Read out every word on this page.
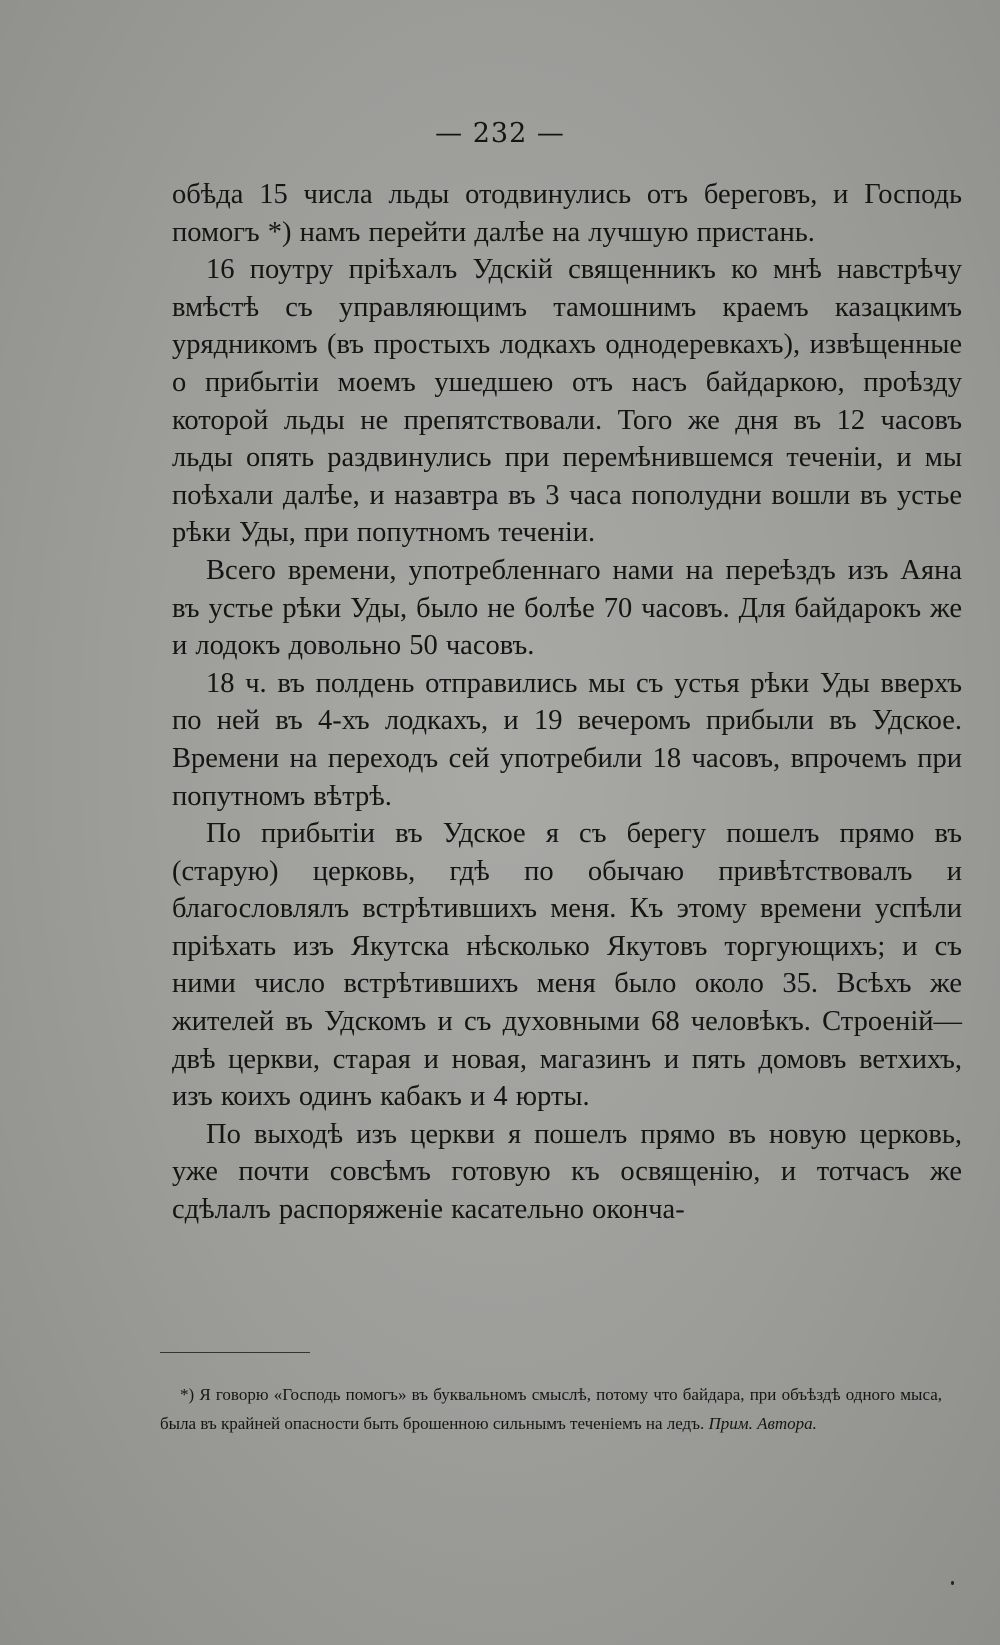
— 232 —

обѣда 15 числа льды отодвинулись отъ береговъ, и Господь помогъ *) намъ перейти далѣе на лучшую пристань.

16 поутру пріѣхалъ Удскій священникъ ко мнѣ навстрѣчу вмѣстѣ съ управляющимъ тамошнимъ краемъ казацкимъ урядникомъ (въ простыхъ лодкахъ однодеревкахъ), извѣщенные о прибытіи моемъ ушедшею отъ насъ байдаркою, проѣзду которой льды не препятствовали. Того же дня въ 12 часовъ льды опять раздвинулись при перемѣнившемся теченіи, и мы поѣхали далѣе, и назавтра въ 3 часа пополудни вошли въ устье рѣки Уды, при попутномъ теченіи.

Всего времени, употребленнаго нами на переѣздъ изъ Аяна въ устье рѣки Уды, было не болѣе 70 часовъ. Для байдарокъ же и лодокъ довольно 50 часовъ.

18 ч. въ полдень отправились мы съ устья рѣки Уды вверхъ по ней въ 4-хъ лодкахъ, и 19 вечеромъ прибыли въ Удское. Времени на переходъ сей употребили 18 часовъ, впрочемъ при попутномъ вѣтрѣ.

По прибытіи въ Удское я съ берегу пошелъ прямо въ (старую) церковь, гдѣ по обычаю привѣтствовалъ и благословлялъ встрѣтившихъ меня. Къ этому времени успѣли пріѣхать изъ Якутска нѣсколько Якутовъ торгующихъ; и съ ними число встрѣтившихъ меня было около 35. Всѣхъ же жителей въ Удскомъ и съ духовными 68 человѣкъ. Строеній—двѣ церкви, старая и новая, магазинъ и пять домовъ ветхихъ, изъ коихъ одинъ кабакъ и 4 юрты.

По выходѣ изъ церкви я пошелъ прямо въ новую церковь, уже почти совсѣмъ готовую къ освященію, и тотчасъ же сдѣлалъ распоряженіе касательно оконча-

*) Я говорю «Господь помогъ» въ буквальномъ смыслѣ, потому что байдара, при объѣздѣ одного мыса, была въ крайней опасности быть брошенною сильнымъ теченіемъ на ледъ. Прим. Автора.
